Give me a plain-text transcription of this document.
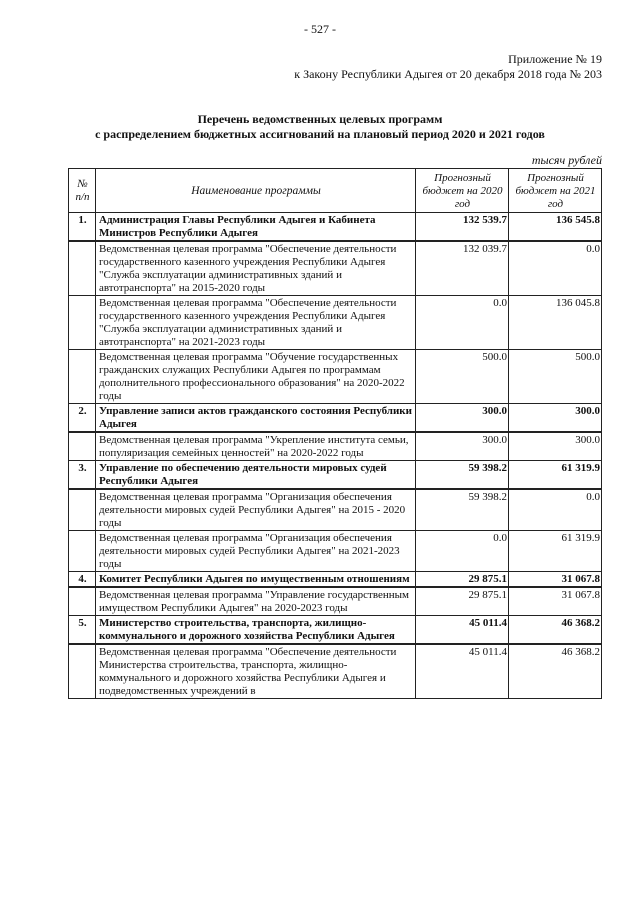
- 527 -
Приложение № 19
к Закону Республики Адыгея от 20 декабря 2018 года № 203
Перечень ведомственных целевых программ
с распределением бюджетных ассигнований на плановый период 2020 и 2021 годов
тысяч рублей
№ п/п	Наименование программы	Прогнозный бюджет на 2020 год	Прогнозный бюджет на 2021 год
1.	Администрация Главы Республики Адыгея и Кабинета Министров Республики Адыгея	132 539.7	136 545.8
	Ведомственная целевая программа "Обеспечение деятельности государственного казенного учреждения Республики Адыгея "Служба эксплуатации административных зданий и автотранспорта" на 2015-2020 годы	132 039.7	0.0
	Ведомственная целевая программа "Обеспечение деятельности государственного казенного учреждения Республики Адыгея "Служба эксплуатации административных зданий и автотранспорта" на 2021-2023 годы	0.0	136 045.8
	Ведомственная целевая программа "Обучение государственных гражданских служащих Республики Адыгея по программам дополнительного профессионального образования" на 2020-2022 годы	500.0	500.0
2.	Управление записи актов гражданского состояния Республики Адыгея	300.0	300.0
	Ведомственная целевая программа "Укрепление института семьи, популяризация семейных ценностей" на 2020-2022 годы	300.0	300.0
3.	Управление по обеспечению деятельности мировых судей Республики Адыгея	59 398.2	61 319.9
	Ведомственная целевая программа "Организация обеспечения деятельности мировых судей Республики Адыгея" на 2015 - 2020 годы	59 398.2	0.0
	Ведомственная целевая программа "Организация обеспечения деятельности мировых судей Республики Адыгея" на 2021-2023 годы	0.0	61 319.9
4.	Комитет Республики Адыгея по имущественным отношениям	29 875.1	31 067.8
	Ведомственная целевая программа "Управление государственным имуществом Республики Адыгея" на 2020-2023 годы	29 875.1	31 067.8
5.	Министерство строительства, транспорта, жилищно-коммунального и дорожного хозяйства Республики Адыгея	45 011.4	46 368.2
	Ведомственная целевая программа "Обеспечение деятельности Министерства строительства, транспорта, жилищно-коммунального и дорожного хозяйства Республики Адыгея и подведомственных учреждений в	45 011.4	46 368.2
